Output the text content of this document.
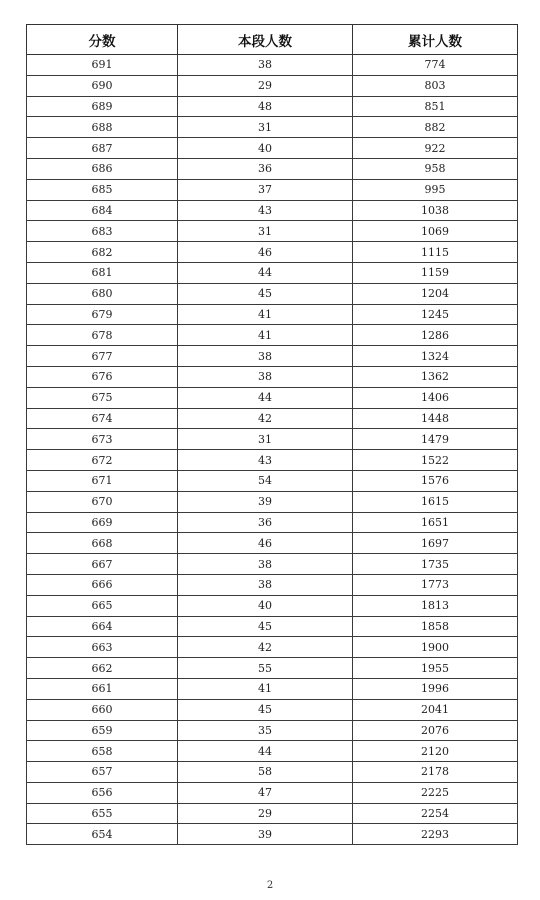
分数	本段人数	累计人数
691	38	774
690	29	803
689	48	851
688	31	882
687	40	922
686	36	958
685	37	995
684	43	1038
683	31	1069
682	46	1115
681	44	1159
680	45	1204
679	41	1245
678	41	1286
677	38	1324
676	38	1362
675	44	1406
674	42	1448
673	31	1479
672	43	1522
671	54	1576
670	39	1615
669	36	1651
668	46	1697
667	38	1735
666	38	1773
665	40	1813
664	45	1858
663	42	1900
662	55	1955
661	41	1996
660	45	2041
659	35	2076
658	44	2120
657	58	2178
656	47	2225
655	29	2254
654	39	2293
2
